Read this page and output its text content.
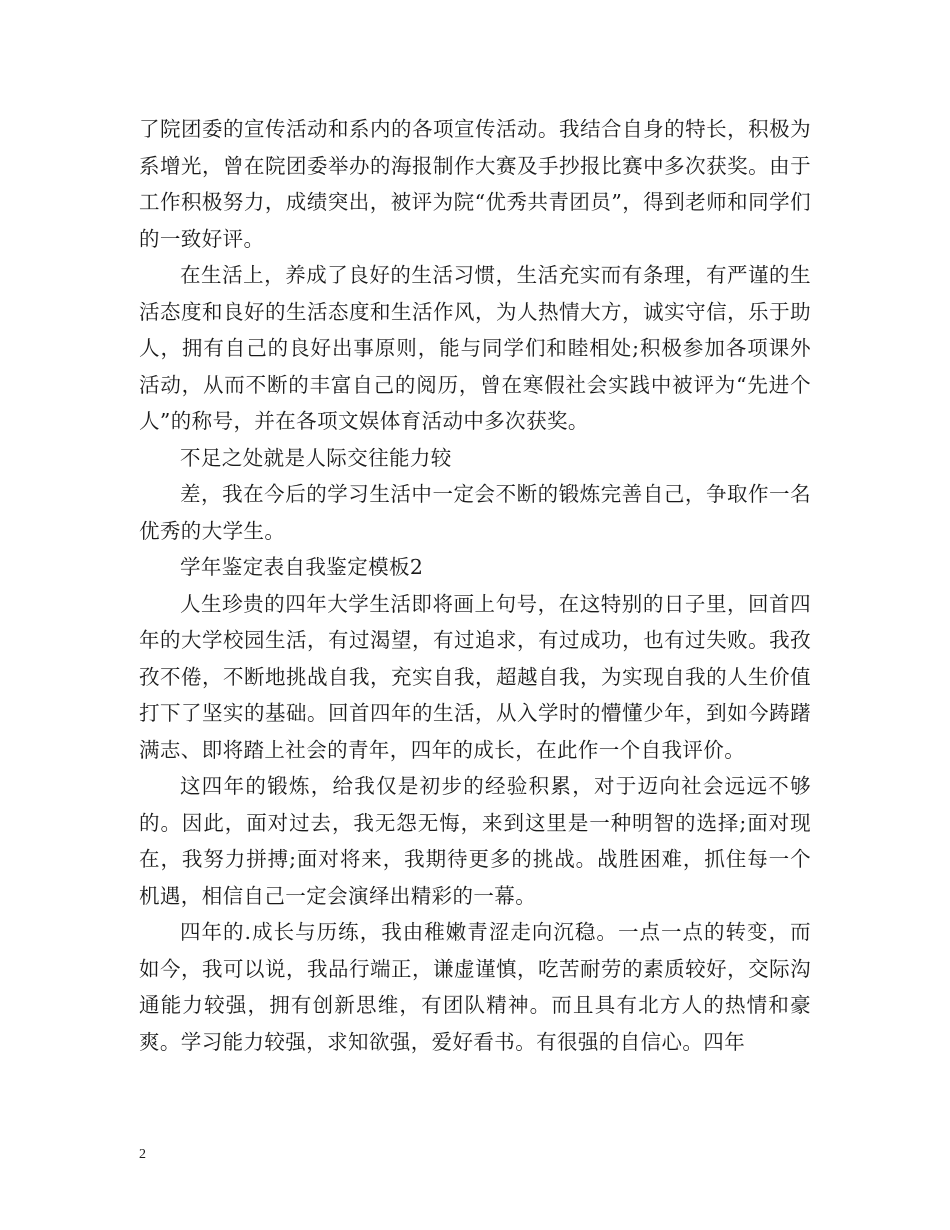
了院团委的宣传活动和系内的各项宣传活动。我结合自身的特长，积极为系增光，曾在院团委举办的海报制作大赛及手抄报比赛中多次获奖。由于工作积极努力，成绩突出，被评为院“优秀共青团员”，得到老师和同学们的一致好评。

在生活上，养成了良好的生活习惯，生活充实而有条理，有严谨的生活态度和良好的生活态度和生活作风，为人热情大方，诚实守信，乐于助人，拥有自己的良好出事原则，能与同学们和睦相处;积极参加各项课外活动，从而不断的丰富自己的阅历，曾在寒假社会实践中被评为“先进个人”的称号，并在各项文娱体育活动中多次获奖。

不足之处就是人际交往能力较

差，我在今后的学习生活中一定会不断的锻炼完善自己，争取作一名优秀的大学生。

学年鉴定表自我鉴定模板2

人生珍贵的四年大学生活即将画上句号，在这特别的日子里，回首四年的大学校园生活，有过渴望，有过追求，有过成功，也有过失败。我孜孜不倦，不断地挑战自我，充实自我，超越自我，为实现自我的人生价值打下了坚实的基础。回首四年的生活，从入学时的懵懂少年，到如今踌躇满志、即将踏上社会的青年，四年的成长，在此作一个自我评价。

这四年的锻炼，给我仅是初步的经验积累，对于迈向社会远远不够的。因此，面对过去，我无怨无悔，来到这里是一种明智的选择;面对现在，我努力拼搏;面对将来，我期待更多的挑战。战胜困难，抓住每一个机遇，相信自己一定会演绎出精彩的一幕。

四年的.成长与历练，我由稚嫩青涩走向沉稳。一点一点的转变，而如今，我可以说，我品行端正，谦虚谨慎，吃苦耐劳的素质较好，交际沟通能力较强，拥有创新思维，有团队精神。而且具有北方人的热情和豪爽。学习能力较强，求知欲强，爱好看书。有很强的自信心。四年

2
